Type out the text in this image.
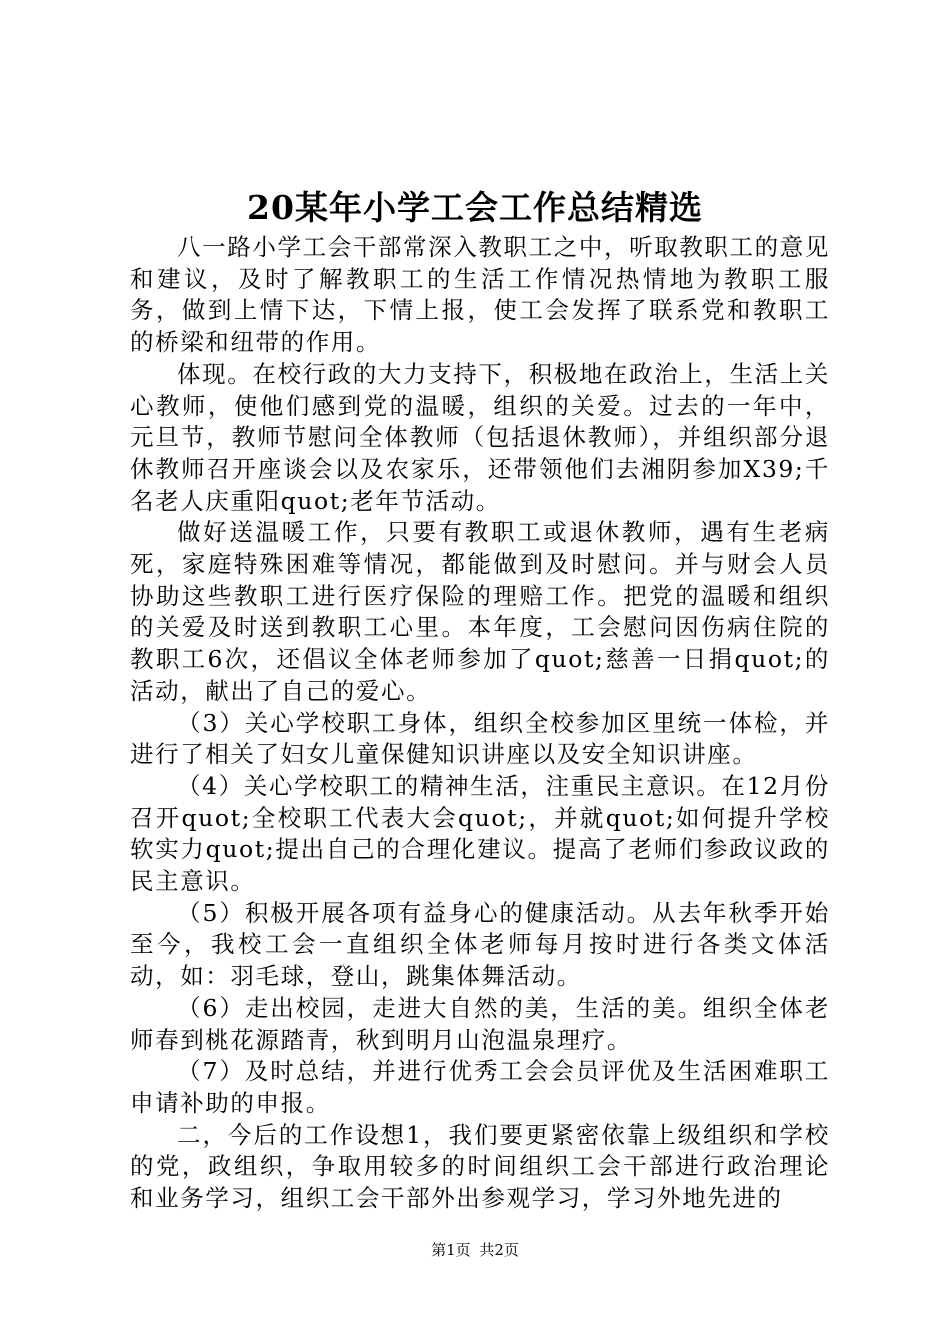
20某年小学工会工作总结精选

八一路小学工会干部常深入教职工之中，听取教职工的意见和建议，及时了解教职工的生活工作情况热情地为教职工服务，做到上情下达，下情上报，使工会发挥了联系党和教职工的桥梁和纽带的作用。

体现。在校行政的大力支持下，积极地在政治上，生活上关心教师，使他们感到党的温暖，组织的关爱。过去的一年中，元旦节，教师节慰问全体教师（包括退休教师），并组织部分退休教师召开座谈会以及农家乐，还带领他们去湘阴参加X39;千名老人庆重阳quot;老年节活动。

做好送温暖工作，只要有教职工或退休教师，遇有生老病死，家庭特殊困难等情况，都能做到及时慰问。并与财会人员协助这些教职工进行医疗保险的理赔工作。把党的温暖和组织的关爱及时送到教职工心里。本年度，工会慰问因伤病住院的教职工6次，还倡议全体老师参加了quot;慈善一日捐quot;的活动，献出了自己的爱心。

（3）关心学校职工身体，组织全校参加区里统一体检，并进行了相关了妇女儿童保健知识讲座以及安全知识讲座。

（4）关心学校职工的精神生活，注重民主意识。在12月份召开quot;全校职工代表大会quot;，并就quot;如何提升学校软实力quot;提出自己的合理化建议。提高了老师们参政议政的民主意识。

（5）积极开展各项有益身心的健康活动。从去年秋季开始至今，我校工会一直组织全体老师每月按时进行各类文体活动，如：羽毛球，登山，跳集体舞活动。

（6）走出校园，走进大自然的美，生活的美。组织全体老师春到桃花源踏青，秋到明月山泡温泉理疗。

（7）及时总结，并进行优秀工会会员评优及生活困难职工申请补助的申报。

二，今后的工作设想1，我们要更紧密依靠上级组织和学校的党，政组织，争取用较多的时间组织工会干部进行政治理论和业务学习，组织工会干部外出参观学习，学习外地先进的

第1页 共2页
